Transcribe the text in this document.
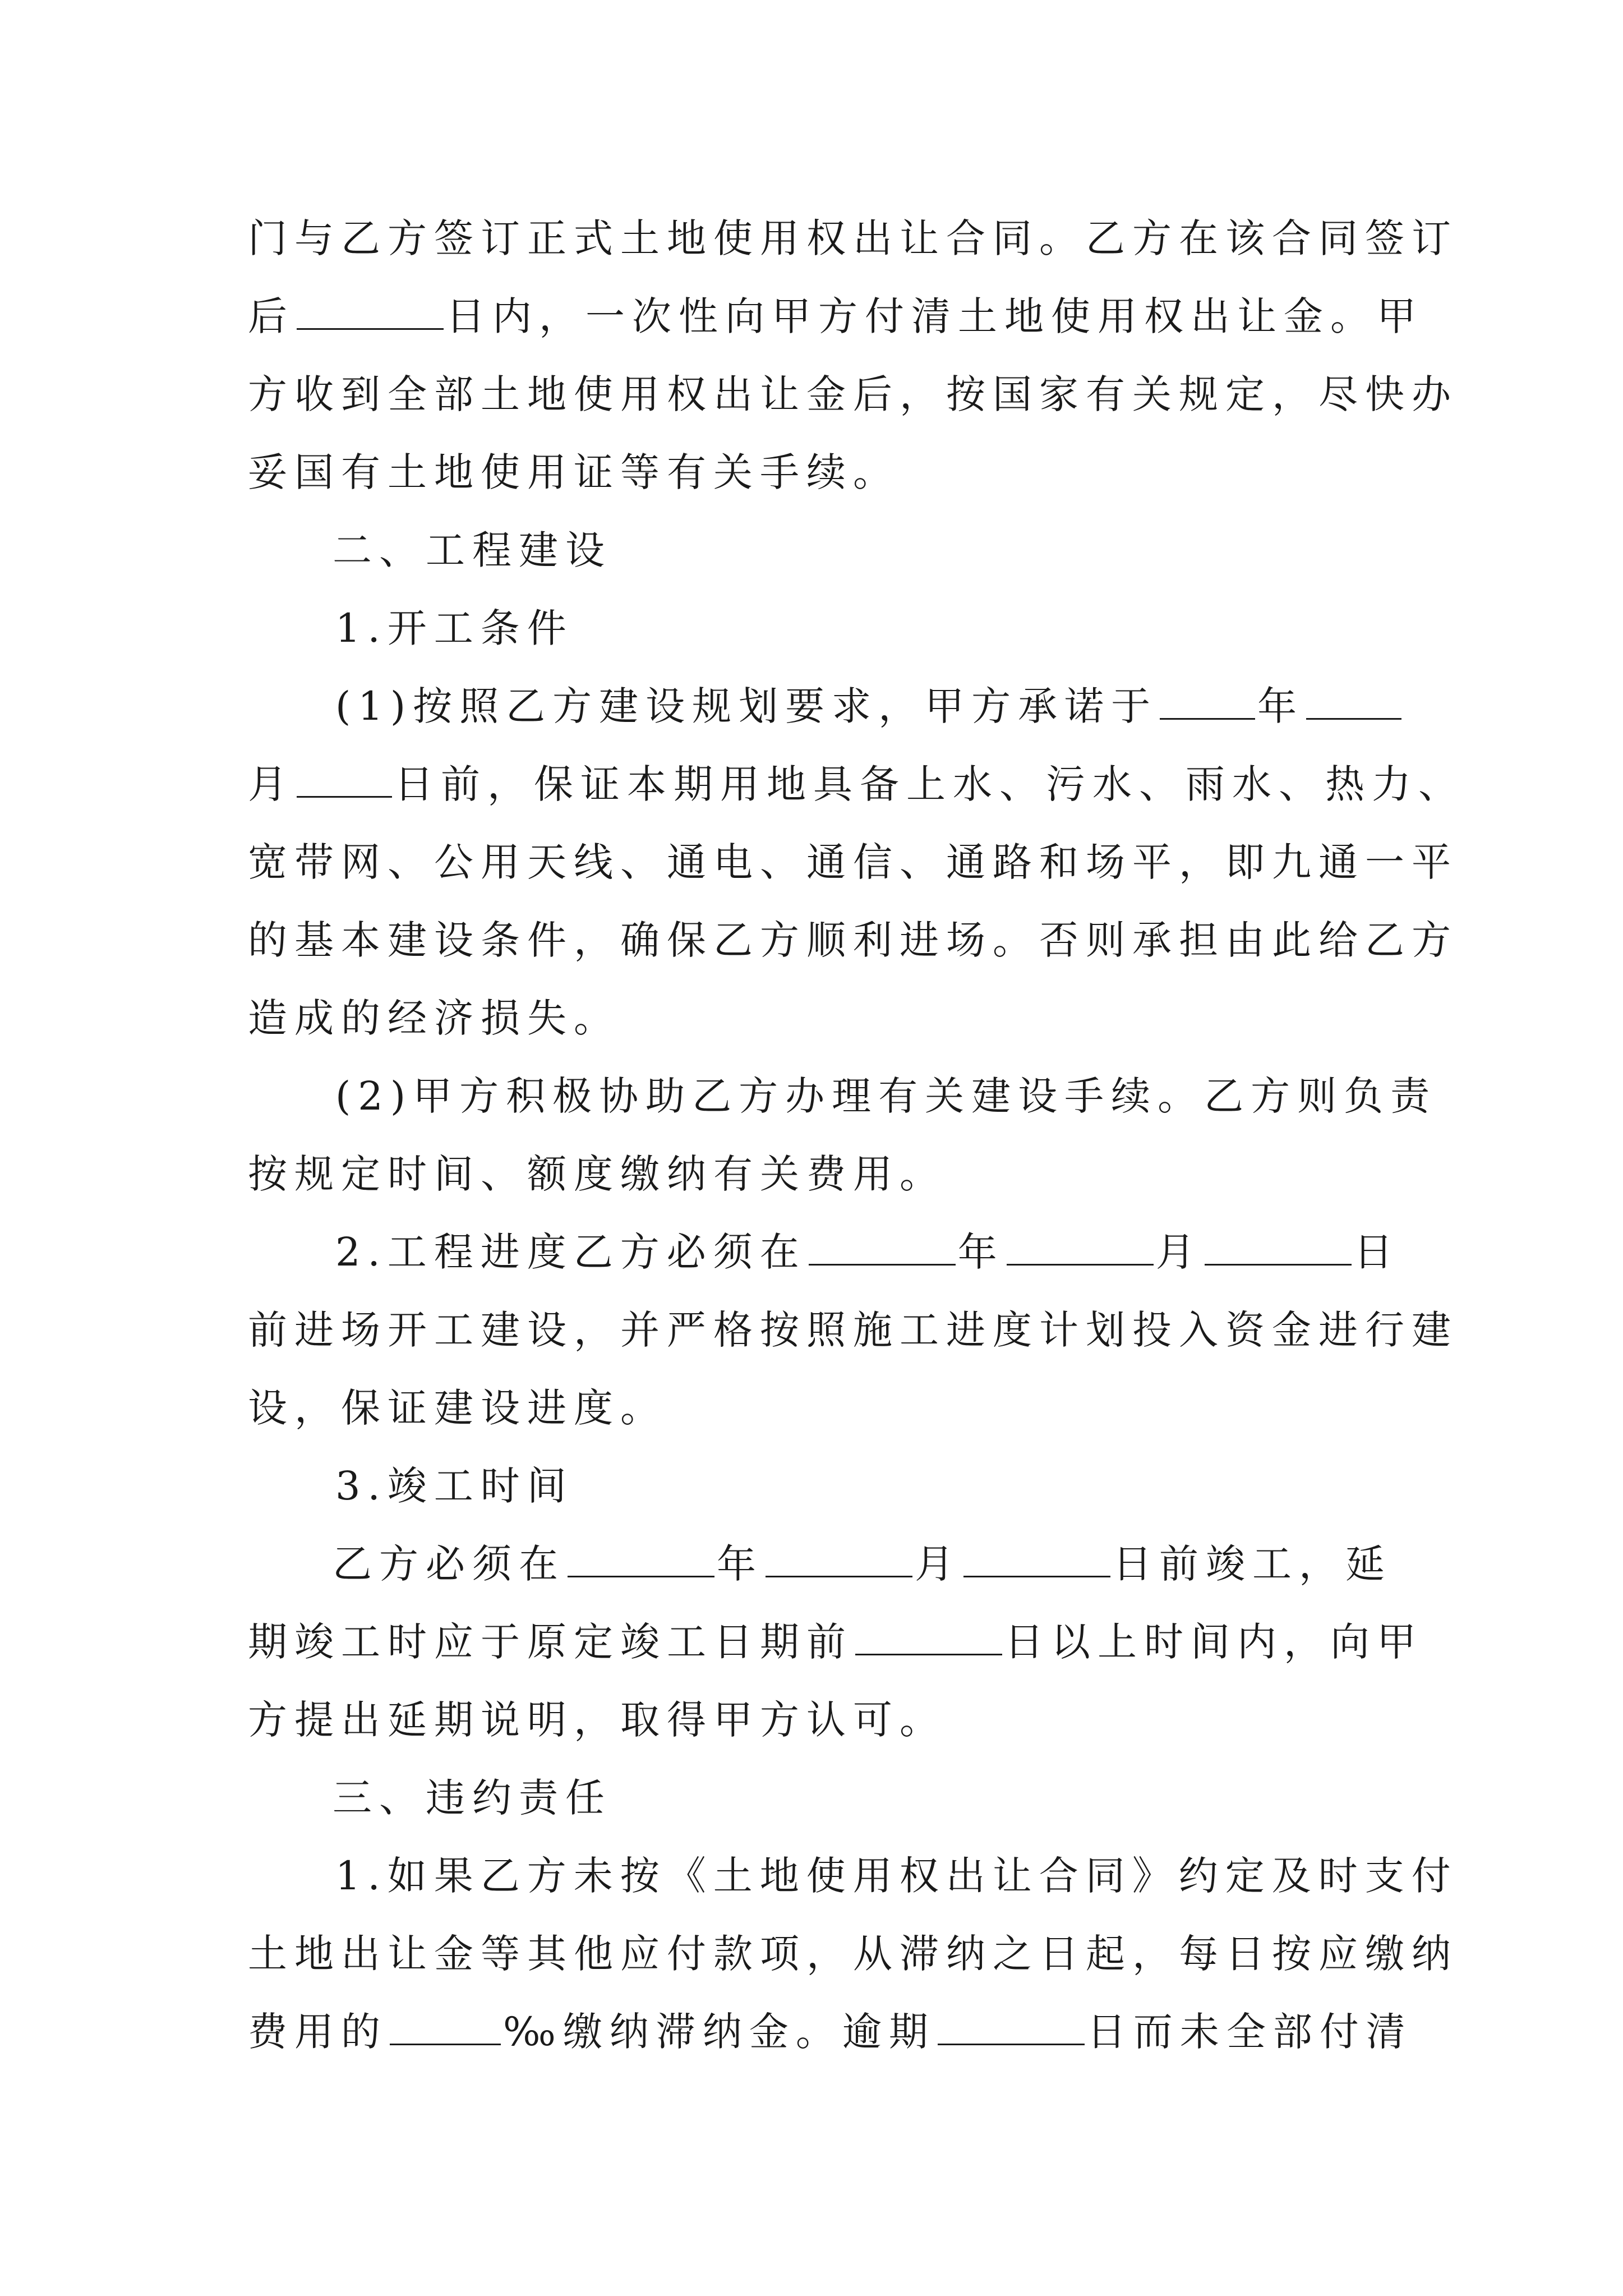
门与乙方签订正式土地使用权出让合同。乙方在该合同签订
后	日内，一次性向甲方付清土地使用权出让金。甲
方收到全部土地使用权出让金后，按国家有关规定，尽快办
妥国有土地使用证等有关手续。
二、工程建设
1.开工条件
(1)按照乙方建设规划要求，甲方承诺于	年
月	日前，保证本期用地具备上水、污水、雨水、热力、
宽带网、公用天线、通电、通信、通路和场平，即九通一平
的基本建设条件，确保乙方顺利进场。否则承担由此给乙方
造成的经济损失。
(2)甲方积极协助乙方办理有关建设手续。乙方则负责
按规定时间、额度缴纳有关费用。
2.工程进度乙方必须在	年	月	日
前进场开工建设，并严格按照施工进度计划投入资金进行建
设，保证建设进度。
3.竣工时间
乙方必须在	年	月	日前竣工，延
期竣工时应于原定竣工日期前	日以上时间内，向甲
方提出延期说明，取得甲方认可。
三、违约责任
1.如果乙方未按《土地使用权出让合同》约定及时支付
土地出让金等其他应付款项，从滞纳之日起，每日按应缴纳
费用的	‰缴纳滞纳金。逾期	日而未全部付清
